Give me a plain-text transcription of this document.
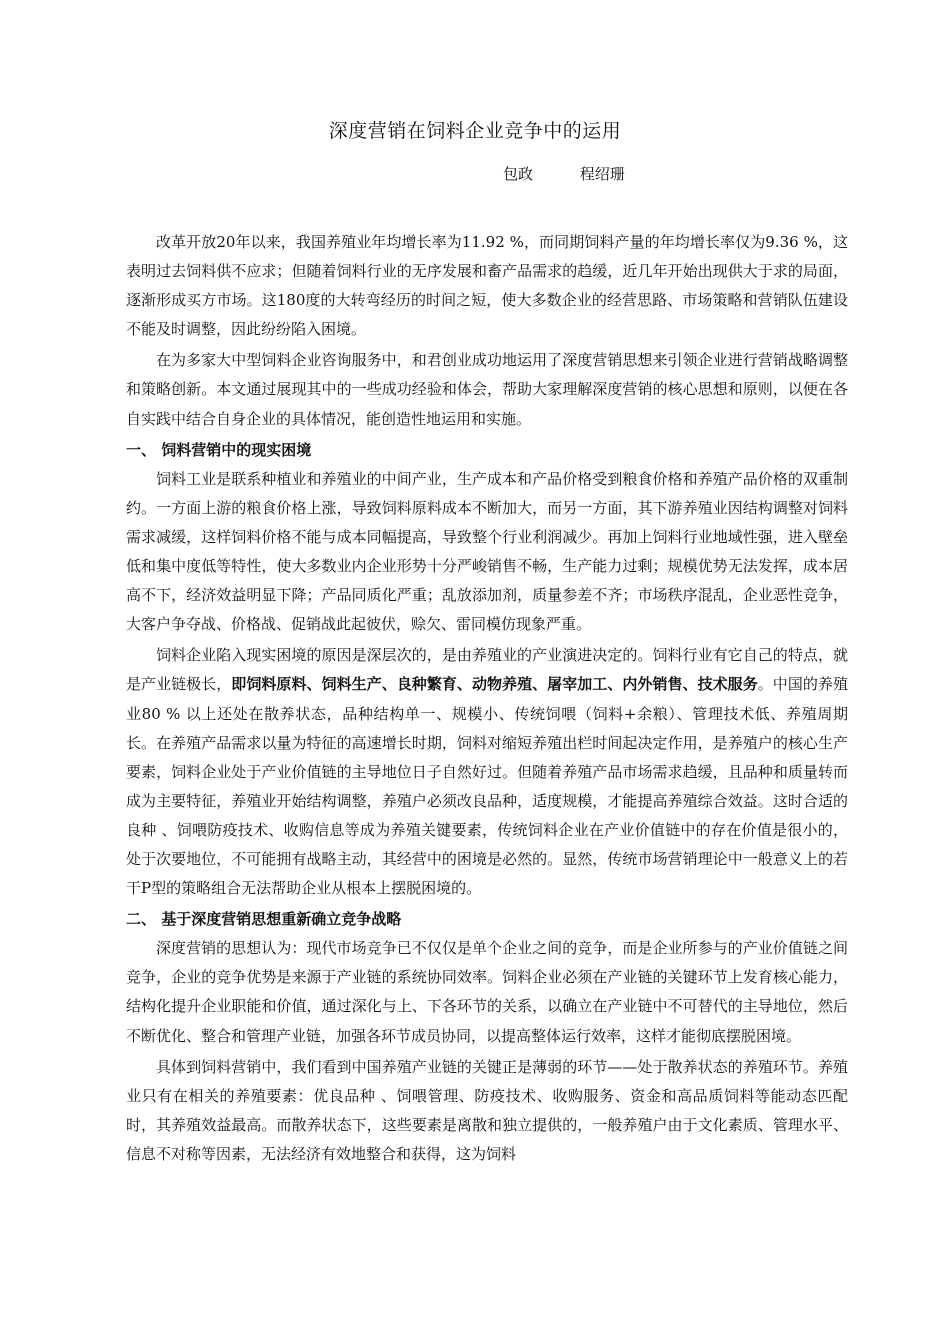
深度营销在饲料企业竞争中的运用
包政	程绍珊

改革开放20年以来，我国养殖业年均增长率为11.92 %，而同期饲料产量的年均增长率仅为9.36 %，这表明过去饲料供不应求；但随着饲料行业的无序发展和畜产品需求的趋缓，近几年开始出现供大于求的局面，逐渐形成买方市场。这180度的大转弯经历的时间之短，使大多数企业的经营思路、市场策略和营销队伍建设不能及时调整，因此纷纷陷入困境。

在为多家大中型饲料企业咨询服务中，和君创业成功地运用了深度营销思想来引领企业进行营销战略调整和策略创新。本文通过展现其中的一些成功经验和体会，帮助大家理解深度营销的核心思想和原则，以便在各自实践中结合自身企业的具体情况，能创造性地运用和实施。

一、 饲料营销中的现实困境

饲料工业是联系种植业和养殖业的中间产业，生产成本和产品价格受到粮食价格和养殖产品价格的双重制约。一方面上游的粮食价格上涨，导致饲料原料成本不断加大，而另一方面，其下游养殖业因结构调整对饲料需求减缓，这样饲料价格不能与成本同幅提高，导致整个行业利润减少。再加上饲料行业地域性强，进入壁垒低和集中度低等特性，使大多数业内企业形势十分严峻销售不畅，生产能力过剩；规模优势无法发挥，成本居高不下，经济效益明显下降；产品同质化严重；乱放添加剂，质量参差不齐；市场秩序混乱，企业恶性竞争，大客户争夺战、价格战、促销战此起彼伏，赊欠、雷同模仿现象严重。

饲料企业陷入现实困境的原因是深层次的，是由养殖业的产业演进决定的。饲料行业有它自己的特点，就是产业链极长，即饲料原料、饲料生产、良种繁育、动物养殖、屠宰加工、内外销售、技术服务。中国的养殖业80 % 以上还处在散养状态，品种结构单一、规模小、传统饲喂（饲料+余粮）、管理技术低、养殖周期长。在养殖产品需求以量为特征的高速增长时期，饲料对缩短养殖出栏时间起决定作用，是养殖户的核心生产要素，饲料企业处于产业价值链的主导地位日子自然好过。但随着养殖产品市场需求趋缓，且品种和质量转而成为主要特征，养殖业开始结构调整，养殖户必须改良品种，适度规模，才能提高养殖综合效益。这时合适的良种 、饲喂防疫技术、收购信息等成为养殖关键要素，传统饲料企业在产业价值链中的存在价值是很小的，处于次要地位，不可能拥有战略主动，其经营中的困境是必然的。显然，传统市场营销理论中一般意义上的若干P型的策略组合无法帮助企业从根本上摆脱困境的。

二、 基于深度营销思想重新确立竞争战略

深度营销的思想认为：现代市场竞争已不仅仅是单个企业之间的竞争，而是企业所参与的产业价值链之间竞争，企业的竞争优势是来源于产业链的系统协同效率。饲料企业必须在产业链的关键环节上发育核心能力，结构化提升企业职能和价值，通过深化与上、下各环节的关系，以确立在产业链中不可替代的主导地位，然后不断优化、整合和管理产业链，加强各环节成员协同，以提高整体运行效率，这样才能彻底摆脱困境。

具体到饲料营销中，我们看到中国养殖产业链的关键正是薄弱的环节——处于散养状态的养殖环节。养殖业只有在相关的养殖要素：优良品种 、饲喂管理、防疫技术、收购服务、资金和高品质饲料等能动态匹配时，其养殖效益最高。而散养状态下，这些要素是离散和独立提供的，一般养殖户由于文化素质、管理水平、信息不对称等因素，无法经济有效地整合和获得，这为饲料
